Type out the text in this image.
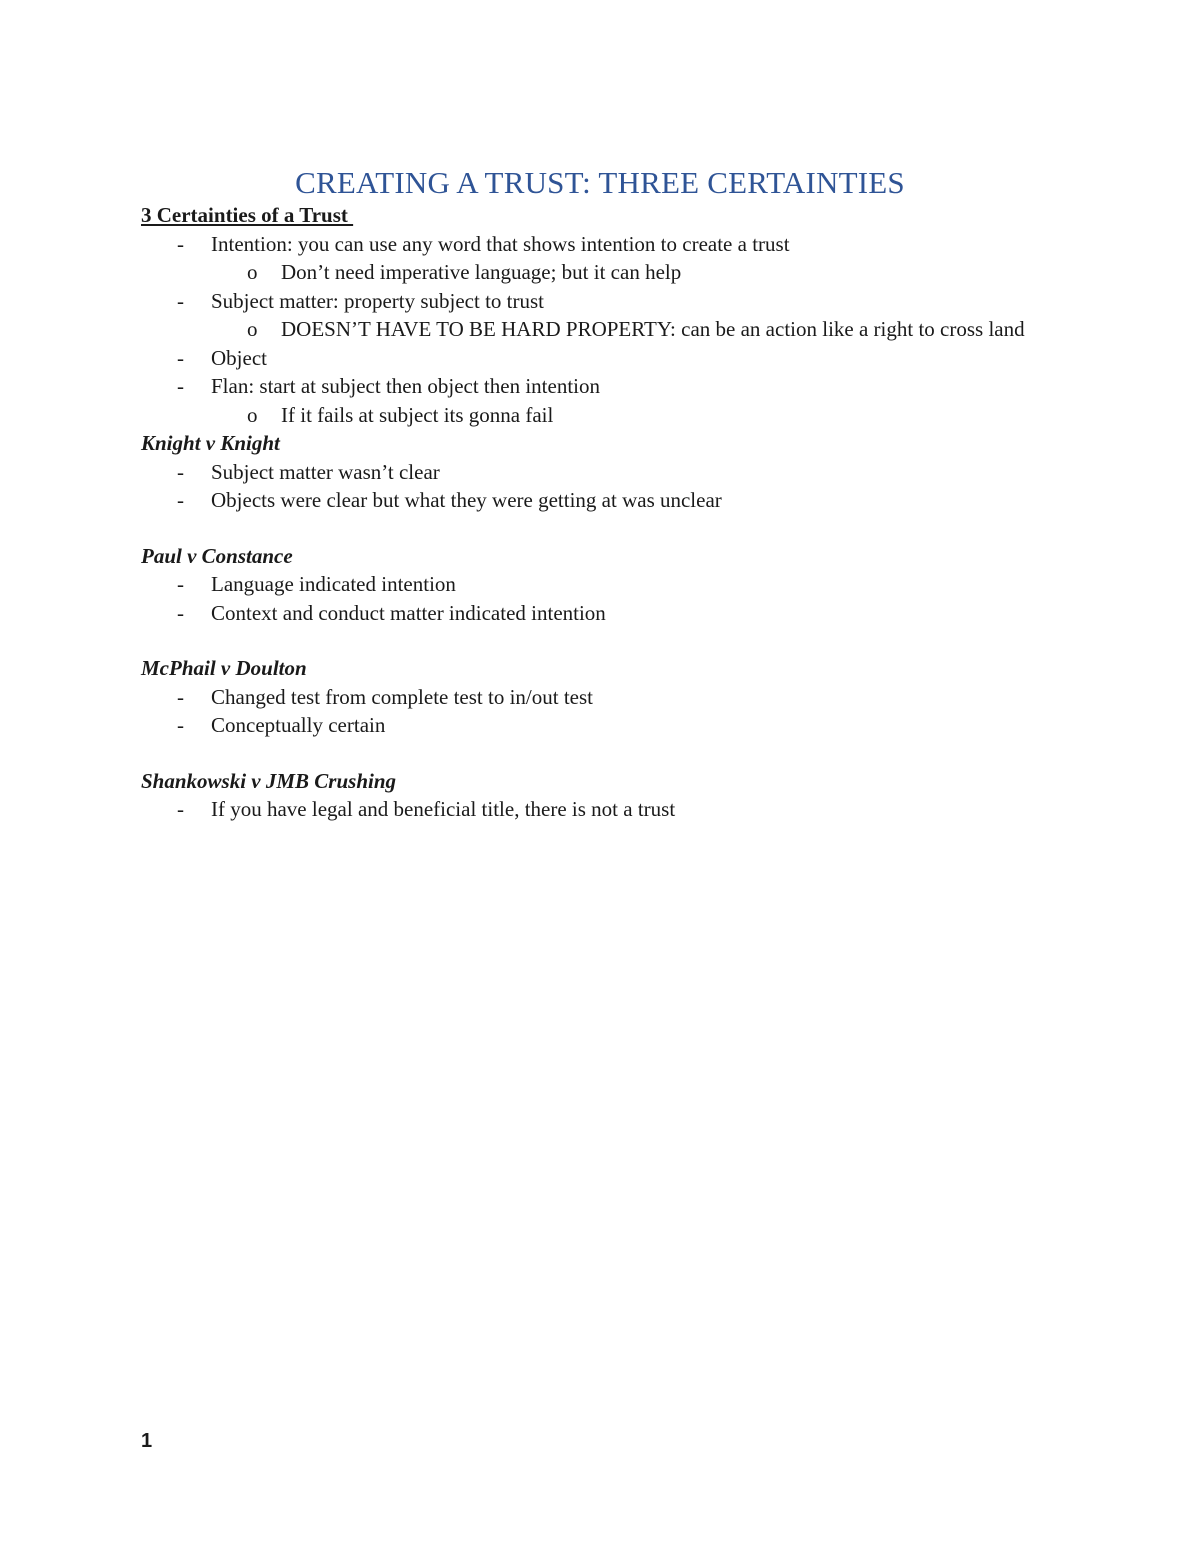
CREATING A TRUST: THREE CERTAINTIES
3 Certainties of a Trust
- Intention: you can use any word that shows intention to create a trust
o Don’t need imperative language; but it can help
- Subject matter: property subject to trust
o DOESN’T HAVE TO BE HARD PROPERTY: can be an action like a right to cross land
- Object
- Flan: start at subject then object then intention
o If it fails at subject its gonna fail
Knight v Knight
- Subject matter wasn’t clear
- Objects were clear but what they were getting at was unclear
Paul v Constance
- Language indicated intention
- Context and conduct matter indicated intention
McPhail v Doulton
- Changed test from complete test to in/out test
- Conceptually certain
Shankowski v JMB Crushing
- If you have legal and beneficial title, there is not a trust
1
